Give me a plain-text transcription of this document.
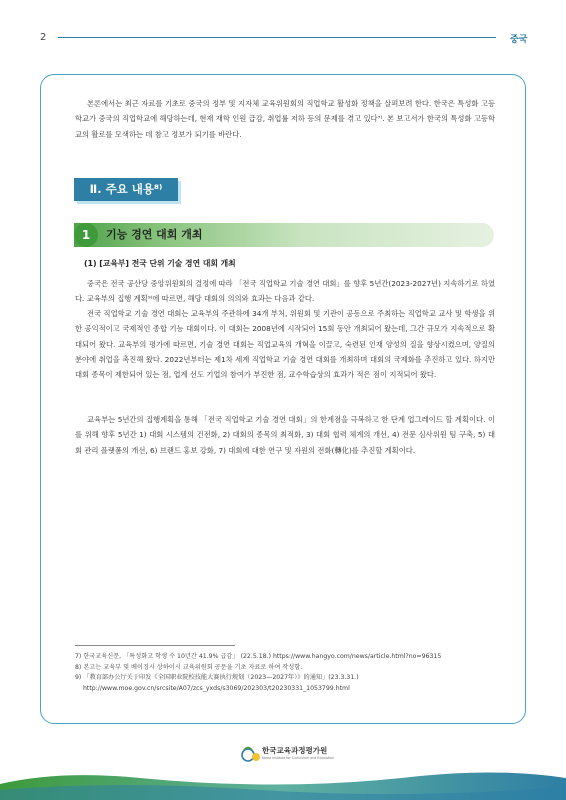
2	중국
본론에서는 최근 자료를 기초로 중국의 정부 및 지자체 교육위원회의 직업학교 활성화 정책을 살펴보려 한다. 한국은 특성화 고등학교가 중국의 직업학교에 해당하는데, 현재 재학 인원 급감, 취업률 저하 등의 문제를 겪고 있다⁷⁾. 본 보고서가 한국의 특성화 고등학교의 활로를 모색하는 데 참고 정보가 되기를 바란다.
Ⅱ. 주요 내용⁸⁾
1	기능 경연 대회 개최
(1) [교육부] 전국 단위 기술 경연 대회 개최
중국은 전국 공산당 중앙위원회의 결정에 따라 「전국 직업학교 기술 경연 대회」를 향후 5년간(2023-2027년) 지속하기로 하였다. 교육부의 집행 계획⁹⁾에 따르면, 해당 대회의 의의와 효과는 다음과 같다.
전국 직업학교 기술 경연 대회는 교육부의 주관하에 34개 부처, 위원회 및 기관이 공동으로 주최하는 직업학교 교사 및 학생을 위한 공익적이고 국제적인 종합 기능 대회이다. 이 대회는 2008년에 시작되어 15회 동안 개최되어 왔는데, 그간 규모가 지속적으로 확대되어 왔다. 교육부의 평가에 따르면, 기술 경연 대회는 직업교육의 개혁을 이끌고, 숙련된 인재 양성의 질을 향상시켰으며, 양질의 분야에 취업을 촉진해 왔다. 2022년부터는 제1차 세계 직업학교 기술 경연 대회를 개최하며 대회의 국제화를 추진하고 있다. 하지만 대회 종목이 제한되어 있는 점, 업계 선도 기업의 참여가 부진한 점, 교수학습상의 효과가 적은 점이 지적되어 왔다.
교육부는 5년간의 집행계획을 통해 「전국 직업학교 기술 경연 대회」의 한계점을 극복하고 한 단계 업그레이드 할 계획이다. 이를 위해 향후 5년간 1) 대회 시스템의 건전화, 2) 대회의 종목의 최적화, 3) 대회 협력 체계의 개선, 4) 전문 심사위원 팀 구축, 5) 대회 관리 플랫폼의 개선, 6) 브랜드 홍보 강화, 7) 대회에 대한 연구 및 자원의 전화(轉化)를 추진할 계획이다.
7) 한국교육신문, 「특성화고 학생 수 10년간 41.9% 급감」 (22.5.18.) https://www.hangyo.com/news/article.html?no=96315
8) 본고는 교육부 및 베이징시 상하이시 교육위원회 공문을 기초 자료로 하여 작성함.
9) 「教育部办公厅关于印发《全国职业院校技能大赛执行规划（2023—2027年）》的通知」(23.3.31.)
http://www.moe.gov.cn/srcsite/A07/zcs_yxds/s3069/202303/t20230331_1053799.html
한국교육과정평가원
Korea Institute for Curriculum and Evaluation
